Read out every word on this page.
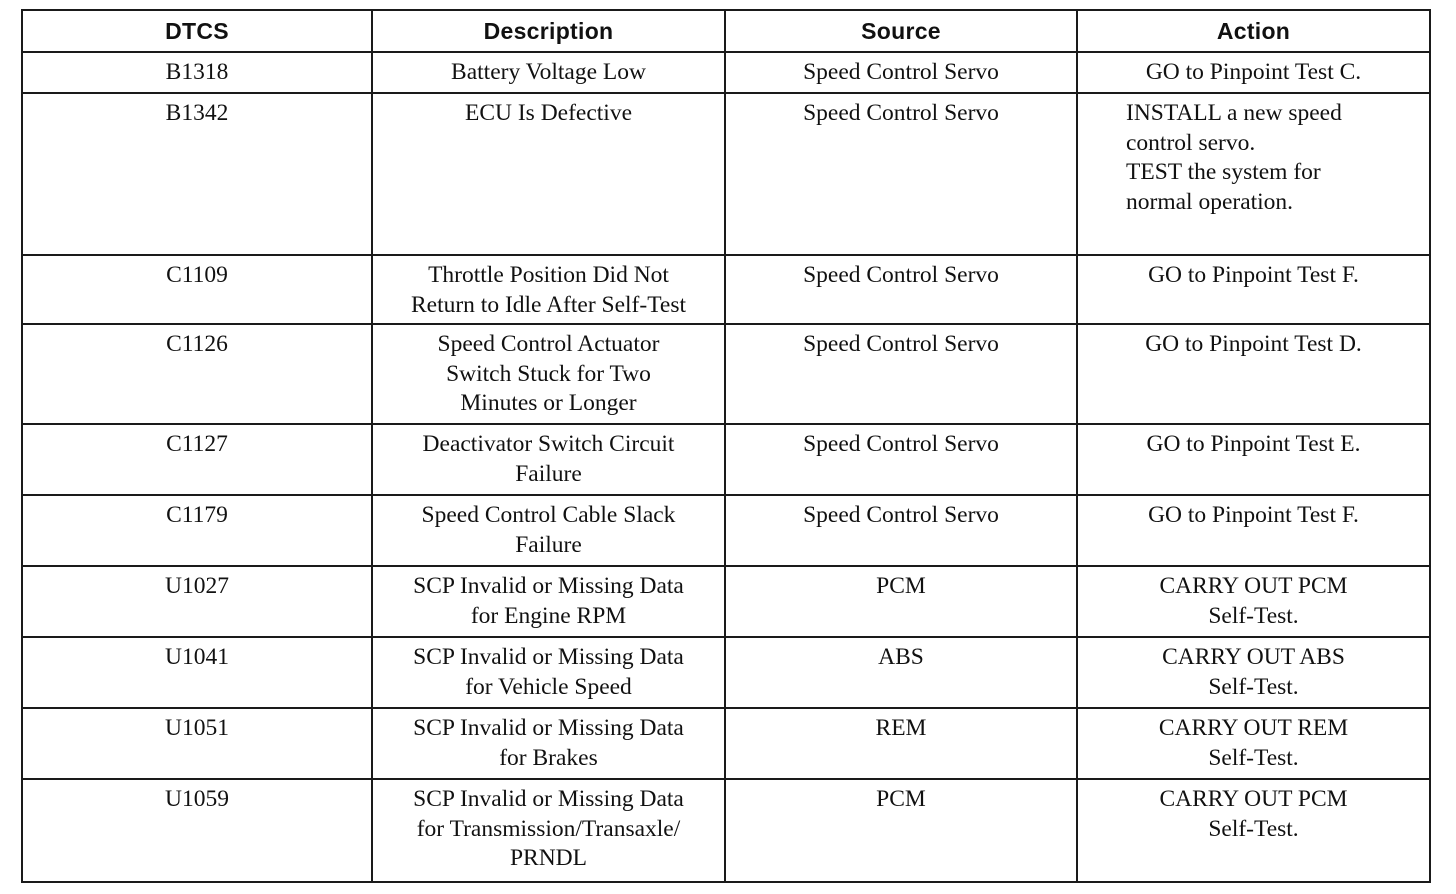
DTCS	Description	Source	Action

B1318	Battery Voltage Low	Speed Control Servo	GO to Pinpoint Test C.

B1342	ECU Is Defective	Speed Control Servo	INSTALL a new speed
control servo.
TEST the system for
normal operation.

C1109	Throttle Position Did Not
Return to Idle After Self-Test	Speed Control Servo	GO to Pinpoint Test F.

C1126	Speed Control Actuator
Switch Stuck for Two
Minutes or Longer	Speed Control Servo	GO to Pinpoint Test D.

C1127	Deactivator Switch Circuit
Failure	Speed Control Servo	GO to Pinpoint Test E.

C1179	Speed Control Cable Slack
Failure	Speed Control Servo	GO to Pinpoint Test F.

U1027	SCP Invalid or Missing Data
for Engine RPM	PCM	CARRY OUT PCM
Self-Test.

U1041	SCP Invalid or Missing Data
for Vehicle Speed	ABS	CARRY OUT ABS
Self-Test.

U1051	SCP Invalid or Missing Data
for Brakes	REM	CARRY OUT REM
Self-Test.

U1059	SCP Invalid or Missing Data
for Transmission/Transaxle/
PRNDL	PCM	CARRY OUT PCM
Self-Test.
